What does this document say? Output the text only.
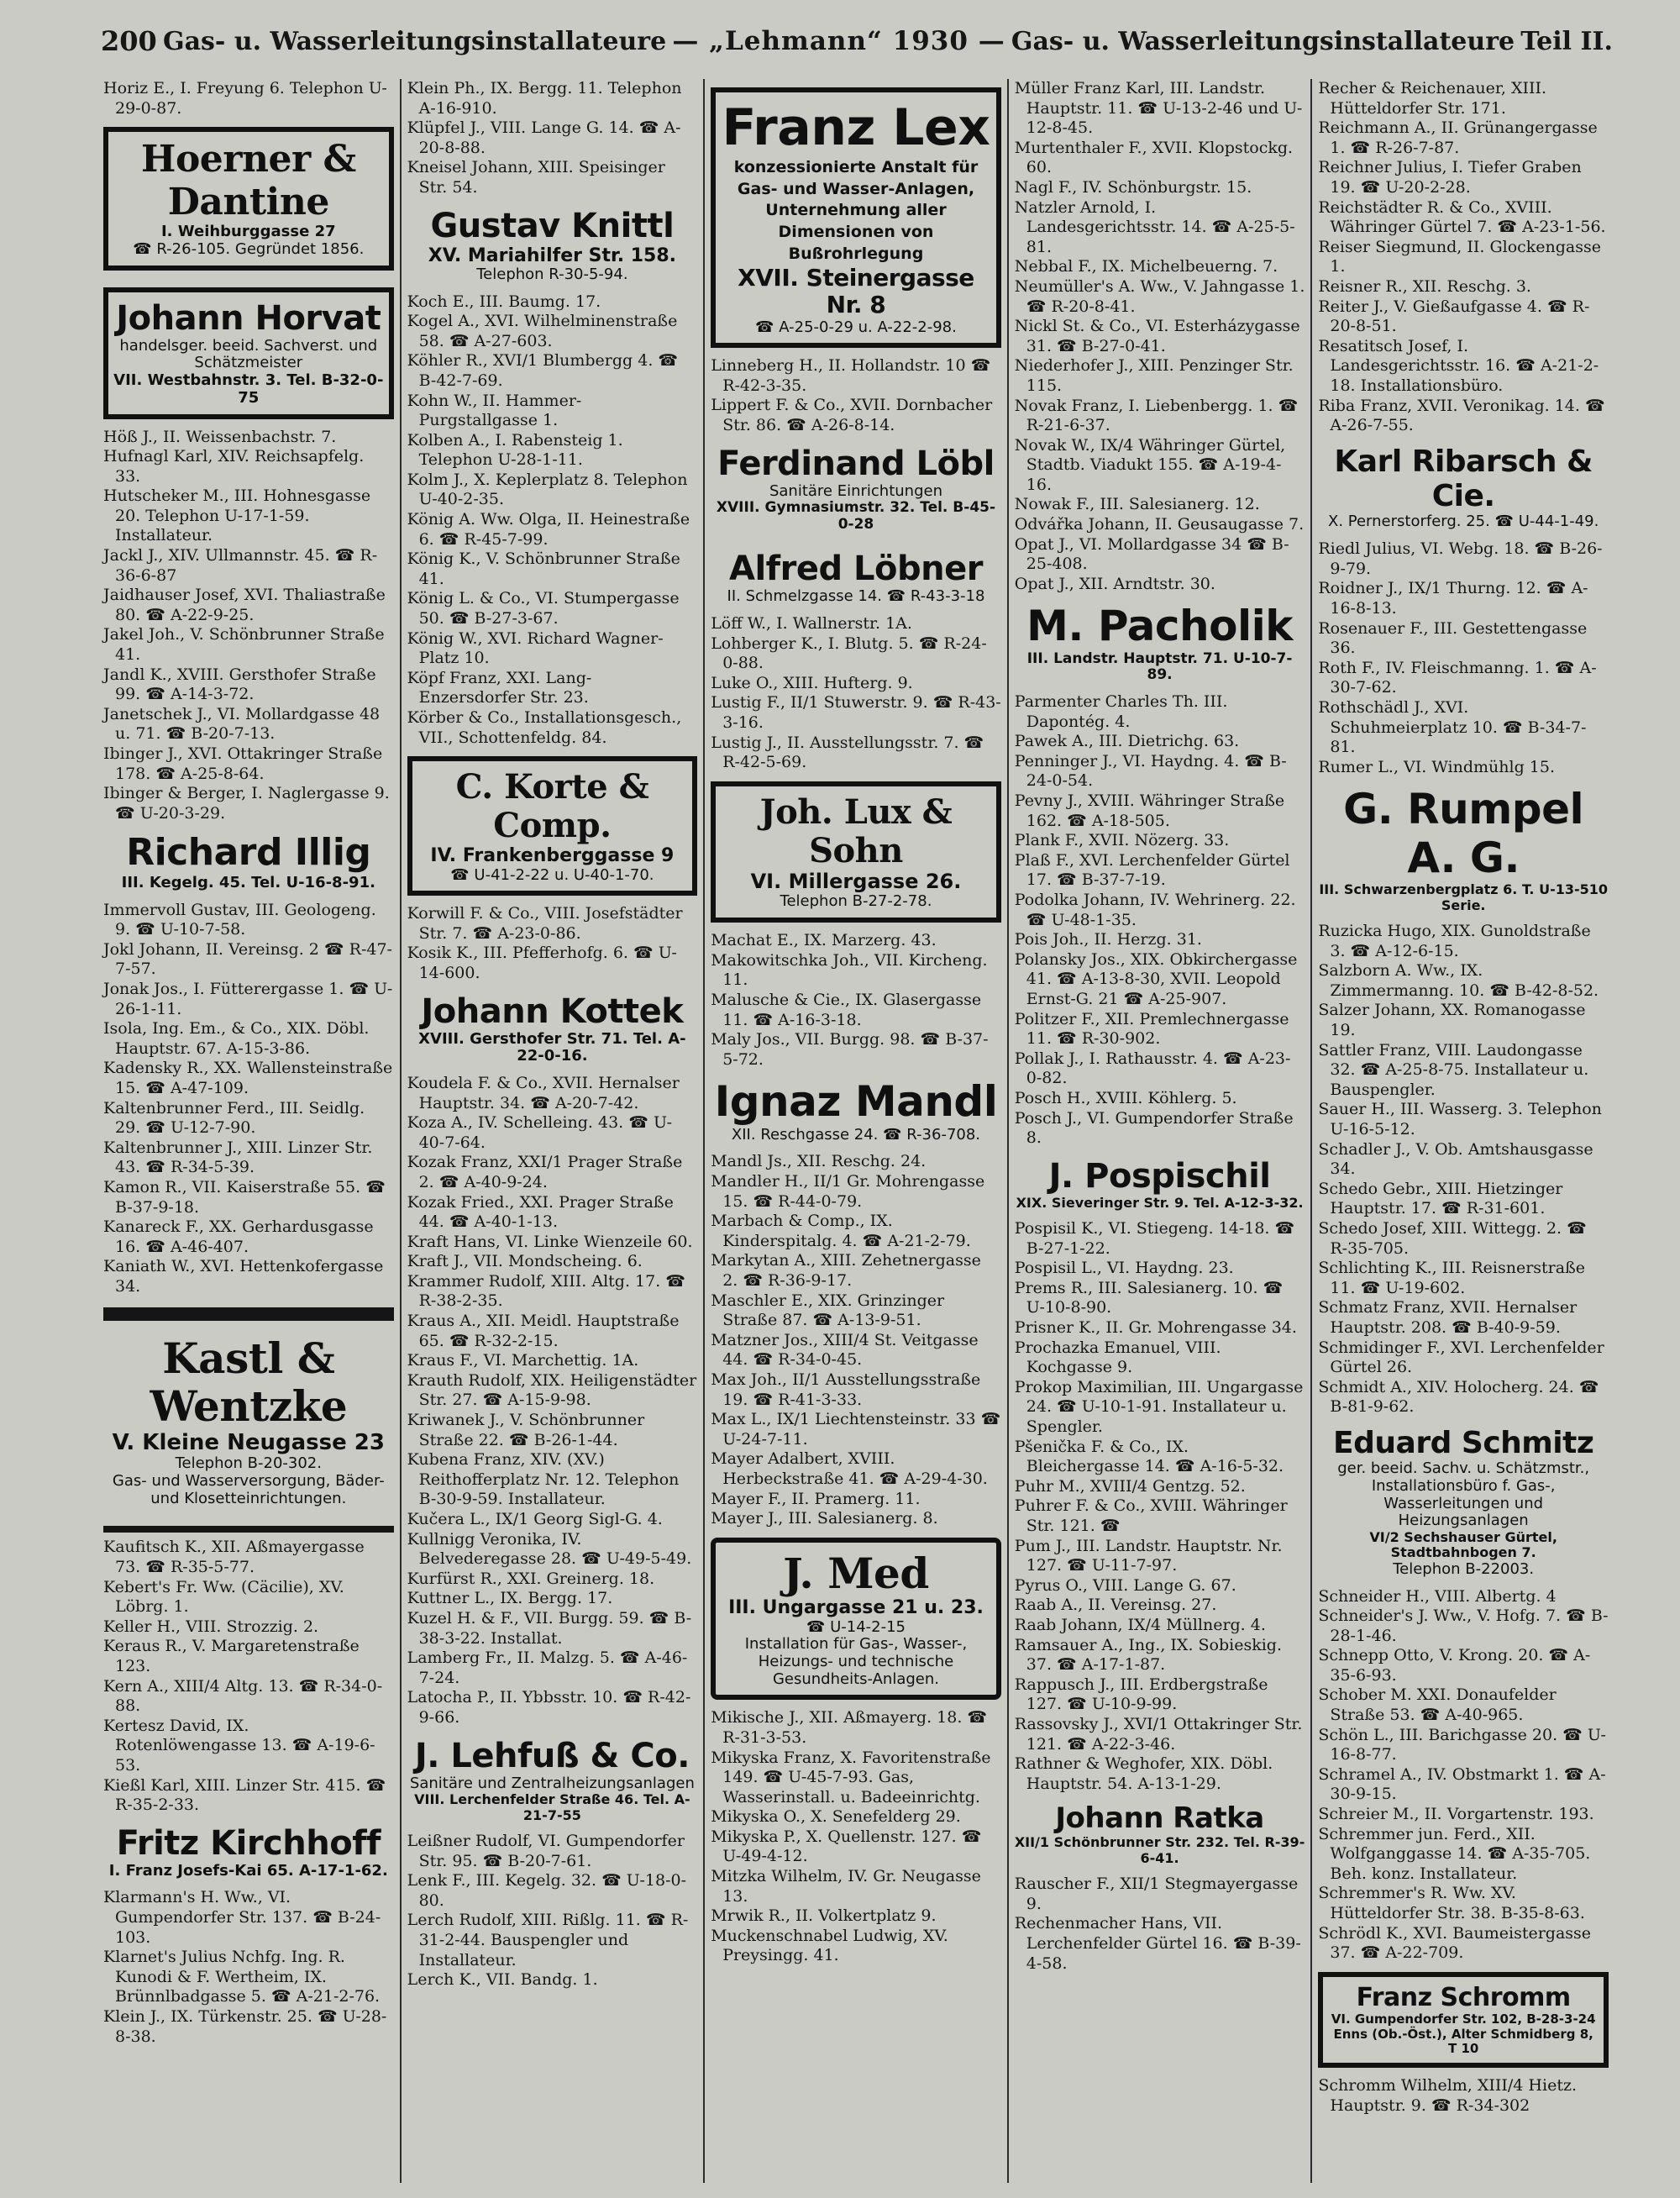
200 Gas- u. Wasserleitungsinstallateure — „Lehmann“ 1930 — Gas- u. Wasserleitungsinstallateure Teil II.

Horiz E., I. Freyung 6. Telephon U-29-0-87.

Hoerner & Dantine
I. Weihburggasse 27
☎ R-26-105. Gegründet 1856.
Johann Horvat
handelsger. beeid. Sachverst. und Schätzmeister
VII. Westbahnstr. 3. Tel. B-32-0-75

Höß J., II. Weissenbachstr. 7.

Hufnagl Karl, XIV. Reichsapfelg. 33.

Hutscheker M., III. Hohnesgasse 20. Telephon U-17-1-59. Installateur.

Jackl J., XIV. Ullmannstr. 45. ☎ R-36-6-87

Jaidhauser Josef, XVI. Thaliastraße 80. ☎ A-22-9-25.

Jakel Joh., V. Schönbrunner Straße 41.

Jandl K., XVIII. Gersthofer Straße 99. ☎ A-14-3-72.

Janetschek J., VI. Mollardgasse 48 u. 71. ☎ B-20-7-13.

Ibinger J., XVI. Ottakringer Straße 178. ☎ A-25-8-64.

Ibinger & Berger, I. Naglergasse 9. ☎ U-20-3-29.

Richard Illig
III. Kegelg. 45. Tel. U-16-8-91.

Immervoll Gustav, III. Geologeng. 9. ☎ U-10-7-58.

Jokl Johann, II. Vereinsg. 2 ☎ R-47-7-57.

Jonak Jos., I. Fütterergasse 1. ☎ U-26-1-11.

Isola, Ing. Em., & Co., XIX. Döbl. Hauptstr. 67. A-15-3-86.

Kadensky R., XX. Wallensteinstraße 15. ☎ A-47-109.

Kaltenbrunner Ferd., III. Seidlg. 29. ☎ U-12-7-90.

Kaltenbrunner J., XIII. Linzer Str. 43. ☎ R-34-5-39.

Kamon R., VII. Kaiserstraße 55. ☎ B-37-9-18.

Kanareck F., XX. Gerhardusgasse 16. ☎ A-46-407.

Kaniath W., XVI. Hettenkofergasse 34.

Kastl & Wentzke
V. Kleine Neugasse 23
Telephon B-20-302.
Gas- und Wasserversorgung, Bäder- und Klosetteinrichtungen.

Kaufitsch K., XII. Aßmayergasse 73. ☎ R-35-5-77.

Kebert's Fr. Ww. (Cäcilie), XV. Löbrg. 1.

Keller H., VIII. Strozzig. 2.

Keraus R., V. Margaretenstraße 123.

Kern A., XIII/4 Altg. 13. ☎ R-34-0-88.

Kertesz David, IX. Rotenlöwengasse 13. ☎ A-19-6-53.

Kießl Karl, XIII. Linzer Str. 415. ☎ R-35-2-33.

Fritz Kirchhoff
I. Franz Josefs-Kai 65. A-17-1-62.

Klarmann's H. Ww., VI. Gumpendorfer Str. 137. ☎ B-24-103.

Klarnet's Julius Nchfg. Ing. R. Kunodi & F. Wertheim, IX. Brünnlbadgasse 5. ☎ A-21-2-76.

Klein J., IX. Türkenstr. 25. ☎ U-28-8-38.

Klein Ph., IX. Bergg. 11. Telephon A-16-910.

Klüpfel J., VIII. Lange G. 14. ☎ A-20-8-88.

Kneisel Johann, XIII. Speisinger Str. 54.

Gustav Knittl
XV. Mariahilfer Str. 158.
Telephon R-30-5-94.

Koch E., III. Baumg. 17.

Kogel A., XVI. Wilhelminenstraße 58. ☎ A-27-603.

Köhler R., XVI/1 Blumbergg 4. ☎ B-42-7-69.

Kohn W., II. Hammer-Purgstallgasse 1.

Kolben A., I. Rabensteig 1. Telephon U-28-1-11.

Kolm J., X. Keplerplatz 8. Telephon U-40-2-35.

König A. Ww. Olga, II. Heinestraße 6. ☎ R-45-7-99.

König K., V. Schönbrunner Straße 41.

König L. & Co., VI. Stumpergasse 50. ☎ B-27-3-67.

König W., XVI. Richard Wagner-Platz 10.

Köpf Franz, XXI. Lang-Enzersdorfer Str. 23.

Körber & Co., Installationsgesch., VII., Schottenfeldg. 84.

C. Korte & Comp.
IV. Frankenberggasse 9
☎ U-41-2-22 u. U-40-1-70.

Korwill F. & Co., VIII. Josefstädter Str. 7. ☎ A-23-0-86.

Kosik K., III. Pfefferhofg. 6. ☎ U-14-600.

Johann Kottek
XVIII. Gersthofer Str. 71. Tel. A-22-0-16.

Koudela F. & Co., XVII. Hernalser Hauptstr. 34. ☎ A-20-7-42.

Koza A., IV. Schelleing. 43. ☎ U-40-7-64.

Kozak Franz, XXI/1 Prager Straße 2. ☎ A-40-9-24.

Kozak Fried., XXI. Prager Straße 44. ☎ A-40-1-13.

Kraft Hans, VI. Linke Wienzeile 60.

Kraft J., VII. Mondscheing. 6.

Krammer Rudolf, XIII. Altg. 17. ☎ R-38-2-35.

Kraus A., XII. Meidl. Hauptstraße 65. ☎ R-32-2-15.

Kraus F., VI. Marchettig. 1A.

Krauth Rudolf, XIX. Heiligenstädter Str. 27. ☎ A-15-9-98.

Kriwanek J., V. Schönbrunner Straße 22. ☎ B-26-1-44.

Kubena Franz, XIV. (XV.) Reithofferplatz Nr. 12. Telephon B-30-9-59. Installateur.

Kučera L., IX/1 Georg Sigl-G. 4.

Kullnigg Veronika, IV. Belvederegasse 28. ☎ U-49-5-49.

Kurfürst R., XXI. Greinerg. 18.

Kuttner L., IX. Bergg. 17.

Kuzel H. & F., VII. Burgg. 59. ☎ B-38-3-22. Installat.

Lamberg Fr., II. Malzg. 5. ☎ A-46-7-24.

Latocha P., II. Ybbsstr. 10. ☎ R-42-9-66.

J. Lehfuß & Co.
Sanitäre und Zentralheizungsanlagen
VIII. Lerchenfelder Straße 46. Tel. A-21-7-55

Leißner Rudolf, VI. Gumpendorfer Str. 95. ☎ B-20-7-61.

Lenk F., III. Kegelg. 32. ☎ U-18-0-80.

Lerch Rudolf, XIII. Rißlg. 11. ☎ R-31-2-44. Bauspengler und Installateur.

Lerch K., VII. Bandg. 1.

Franz Lex
konzessionierte Anstalt für Gas- und Wasser-Anlagen, Unternehmung aller Dimensionen von Bußrohrlegung
XVII. Steinergasse Nr. 8
☎ A-25-0-29 u. A-22-2-98.

Linneberg H., II. Hollandstr. 10 ☎ R-42-3-35.

Lippert F. & Co., XVII. Dornbacher Str. 86. ☎ A-26-8-14.

Ferdinand Löbl
Sanitäre Einrichtungen
XVIII. Gymnasiumstr. 32. Tel. B-45-0-28
Alfred Löbner
II. Schmelzgasse 14. ☎ R-43-3-18

Löff W., I. Wallnerstr. 1A.

Lohberger K., I. Blutg. 5. ☎ R-24-0-88.

Luke O., XIII. Hufterg. 9.

Lustig F., II/1 Stuwerstr. 9. ☎ R-43-3-16.

Lustig J., II. Ausstellungsstr. 7. ☎ R-42-5-69.

Joh. Lux & Sohn
VI. Millergasse 26.
Telephon B-27-2-78.

Machat E., IX. Marzerg. 43.

Makowitschka Joh., VII. Kircheng. 11.

Malusche & Cie., IX. Glasergasse 11. ☎ A-16-3-18.

Maly Jos., VII. Burgg. 98. ☎ B-37-5-72.

Ignaz Mandl
XII. Reschgasse 24. ☎ R-36-708.

Mandl Js., XII. Reschg. 24.

Mandler H., II/1 Gr. Mohrengasse 15. ☎ R-44-0-79.

Marbach & Comp., IX. Kinderspitalg. 4. ☎ A-21-2-79.

Markytan A., XIII. Zehetnergasse 2. ☎ R-36-9-17.

Maschler E., XIX. Grinzinger Straße 87. ☎ A-13-9-51.

Matzner Jos., XIII/4 St. Veitgasse 44. ☎ R-34-0-45.

Max Joh., II/1 Ausstellungsstraße 19. ☎ R-41-3-33.

Max L., IX/1 Liechtensteinstr. 33 ☎ U-24-7-11.

Mayer Adalbert, XVIII. Herbeckstraße 41. ☎ A-29-4-30.

Mayer F., II. Pramerg. 11.

Mayer J., III. Salesianerg. 8.

J. Med
III. Ungargasse 21 u. 23.
☎ U-14-2-15
Installation für Gas-, Wasser-, Heizungs- und technische Gesundheits-Anlagen.

Mikische J., XII. Aßmayerg. 18. ☎ R-31-3-53.

Mikyska Franz, X. Favoritenstraße 149. ☎ U-45-7-93. Gas, Wasserinstall. u. Badeeinrichtg.

Mikyska O., X. Senefelderg 29.

Mikyska P., X. Quellenstr. 127. ☎ U-49-4-12.

Mitzka Wilhelm, IV. Gr. Neugasse 13.

Mrwik R., II. Volkertplatz 9.

Muckenschnabel Ludwig, XV. Preysingg. 41.

Müller Franz Karl, III. Landstr. Hauptstr. 11. ☎ U-13-2-46 und U-12-8-45.

Murtenthaler F., XVII. Klopstockg. 60.

Nagl F., IV. Schönburgstr. 15.

Natzler Arnold, I. Landesgerichtsstr. 14. ☎ A-25-5-81.

Nebbal F., IX. Michelbeuerng. 7.

Neumüller's A. Ww., V. Jahngasse 1. ☎ R-20-8-41.

Nickl St. & Co., VI. Esterházygasse 31. ☎ B-27-0-41.

Niederhofer J., XIII. Penzinger Str. 115.

Novak Franz, I. Liebenbergg. 1. ☎ R-21-6-37.

Novak W., IX/4 Währinger Gürtel, Stadtb. Viadukt 155. ☎ A-19-4-16.

Nowak F., III. Salesianerg. 12.

Odvářka Johann, II. Geusaugasse 7.

Opat J., VI. Mollardgasse 34 ☎ B-25-408.

Opat J., XII. Arndtstr. 30.

M. Pacholik
III. Landstr. Hauptstr. 71. U-10-7-89.

Parmenter Charles Th. III. Dapontég. 4.

Pawek A., III. Dietrichg. 63.

Penninger J., VI. Haydng. 4. ☎ B-24-0-54.

Pevny J., XVIII. Währinger Straße 162. ☎ A-18-505.

Plank F., XVII. Nözerg. 33.

Plaß F., XVI. Lerchenfelder Gürtel 17. ☎ B-37-7-19.

Podolka Johann, IV. Wehrinerg. 22. ☎ U-48-1-35.

Pois Joh., II. Herzg. 31.

Polansky Jos., XIX. Obkirchergasse 41. ☎ A-13-8-30, XVII. Leopold Ernst-G. 21 ☎ A-25-907.

Politzer F., XII. Premlechnergasse 11. ☎ R-30-902.

Pollak J., I. Rathausstr. 4. ☎ A-23-0-82.

Posch H., XVIII. Köhlerg. 5.

Posch J., VI. Gumpendorfer Straße 8.

J. Pospischil
XIX. Sieveringer Str. 9. Tel. A-12-3-32.

Pospisil K., VI. Stiegeng. 14-18. ☎ B-27-1-22.

Pospisil L., VI. Haydng. 23.

Prems R., III. Salesianerg. 10. ☎ U-10-8-90.

Prisner K., II. Gr. Mohrengasse 34.

Prochazka Emanuel, VIII. Kochgasse 9.

Prokop Maximilian, III. Ungargasse 24. ☎ U-10-1-91. Installateur u. Spengler.

Pšenička F. & Co., IX. Bleichergasse 14. ☎ A-16-5-32.

Puhr M., XVIII/4 Gentzg. 52.

Puhrer F. & Co., XVIII. Währinger Str. 121. ☎

Pum J., III. Landstr. Hauptstr. Nr. 127. ☎ U-11-7-97.

Pyrus O., VIII. Lange G. 67.

Raab A., II. Vereinsg. 27.

Raab Johann, IX/4 Müllnerg. 4.

Ramsauer A., Ing., IX. Sobieskig. 37. ☎ A-17-1-87.

Rappusch J., III. Erdbergstraße 127. ☎ U-10-9-99.

Rassovsky J., XVI/1 Ottakringer Str. 121. ☎ A-22-3-46.

Rathner & Weghofer, XIX. Döbl. Hauptstr. 54. A-13-1-29.

Johann Ratka
XII/1 Schönbrunner Str. 232. Tel. R-39-6-41.

Rauscher F., XII/1 Stegmayergasse 9.

Rechenmacher Hans, VII. Lerchenfelder Gürtel 16. ☎ B-39-4-58.

Recher & Reichenauer, XIII. Hütteldorfer Str. 171.

Reichmann A., II. Grünangergasse 1. ☎ R-26-7-87.

Reichner Julius, I. Tiefer Graben 19. ☎ U-20-2-28.

Reichstädter R. & Co., XVIII. Währinger Gürtel 7. ☎ A-23-1-56.

Reiser Siegmund, II. Glockengasse 1.

Reisner R., XII. Reschg. 3.

Reiter J., V. Gießaufgasse 4. ☎ R-20-8-51.

Resatitsch Josef, I. Landesgerichtsstr. 16. ☎ A-21-2-18. Installationsbüro.

Riba Franz, XVII. Veronikag. 14. ☎ A-26-7-55.

Karl Ribarsch & Cie.
X. Pernerstorferg. 25. ☎ U-44-1-49.

Riedl Julius, VI. Webg. 18. ☎ B-26-9-79.

Roidner J., IX/1 Thurng. 12. ☎ A-16-8-13.

Rosenauer F., III. Gestettengasse 36.

Roth F., IV. Fleischmanng. 1. ☎ A-30-7-62.

Rothschädl J., XVI. Schuhmeierplatz 10. ☎ B-34-7-81.

Rumer L., VI. Windmühlg 15.

G. Rumpel A. G.
III. Schwarzenbergplatz 6. T. U-13-510 Serie.

Ruzicka Hugo, XIX. Gunoldstraße 3. ☎ A-12-6-15.

Salzborn A. Ww., IX. Zimmermanng. 10. ☎ B-42-8-52.

Salzer Johann, XX. Romanogasse 19.

Sattler Franz, VIII. Laudongasse 32. ☎ A-25-8-75. Installateur u. Bauspengler.

Sauer H., III. Wasserg. 3. Telephon U-16-5-12.

Schadler J., V. Ob. Amtshausgasse 34.

Schedo Gebr., XIII. Hietzinger Hauptstr. 17. ☎ R-31-601.

Schedo Josef, XIII. Wittegg. 2. ☎ R-35-705.

Schlichting K., III. Reisnerstraße 11. ☎ U-19-602.

Schmatz Franz, XVII. Hernalser Hauptstr. 208. ☎ B-40-9-59.

Schmidinger F., XVI. Lerchenfelder Gürtel 26.

Schmidt A., XIV. Holocherg. 24. ☎ B-81-9-62.

Eduard Schmitz
ger. beeid. Sachv. u. Schätzmstr., Installationsbüro f. Gas-, Wasserleitungen und Heizungsanlagen
VI/2 Sechshauser Gürtel, Stadtbahnbogen 7.
Telephon B-22003.

Schneider H., VIII. Albertg. 4

Schneider's J. Ww., V. Hofg. 7. ☎ B-28-1-46.

Schnepp Otto, V. Krong. 20. ☎ A-35-6-93.

Schober M. XXI. Donaufelder Straße 53. ☎ A-40-965.

Schön L., III. Barichgasse 20. ☎ U-16-8-77.

Schramel A., IV. Obstmarkt 1. ☎ A-30-9-15.

Schreier M., II. Vorgartenstr. 193.

Schremmer jun. Ferd., XII. Wolfganggasse 14. ☎ A-35-705. Beh. konz. Installateur.

Schremmer's R. Ww. XV. Hütteldorfer Str. 38. B-35-8-63.

Schrödl K., XVI. Baumeistergasse 37. ☎ A-22-709.

Franz Schromm
VI. Gumpendorfer Str. 102, B-28-3-24
Enns (Ob.-Öst.), Alter Schmidberg 8, T 10

Schromm Wilhelm, XIII/4 Hietz. Hauptstr. 9. ☎ R-34-302
